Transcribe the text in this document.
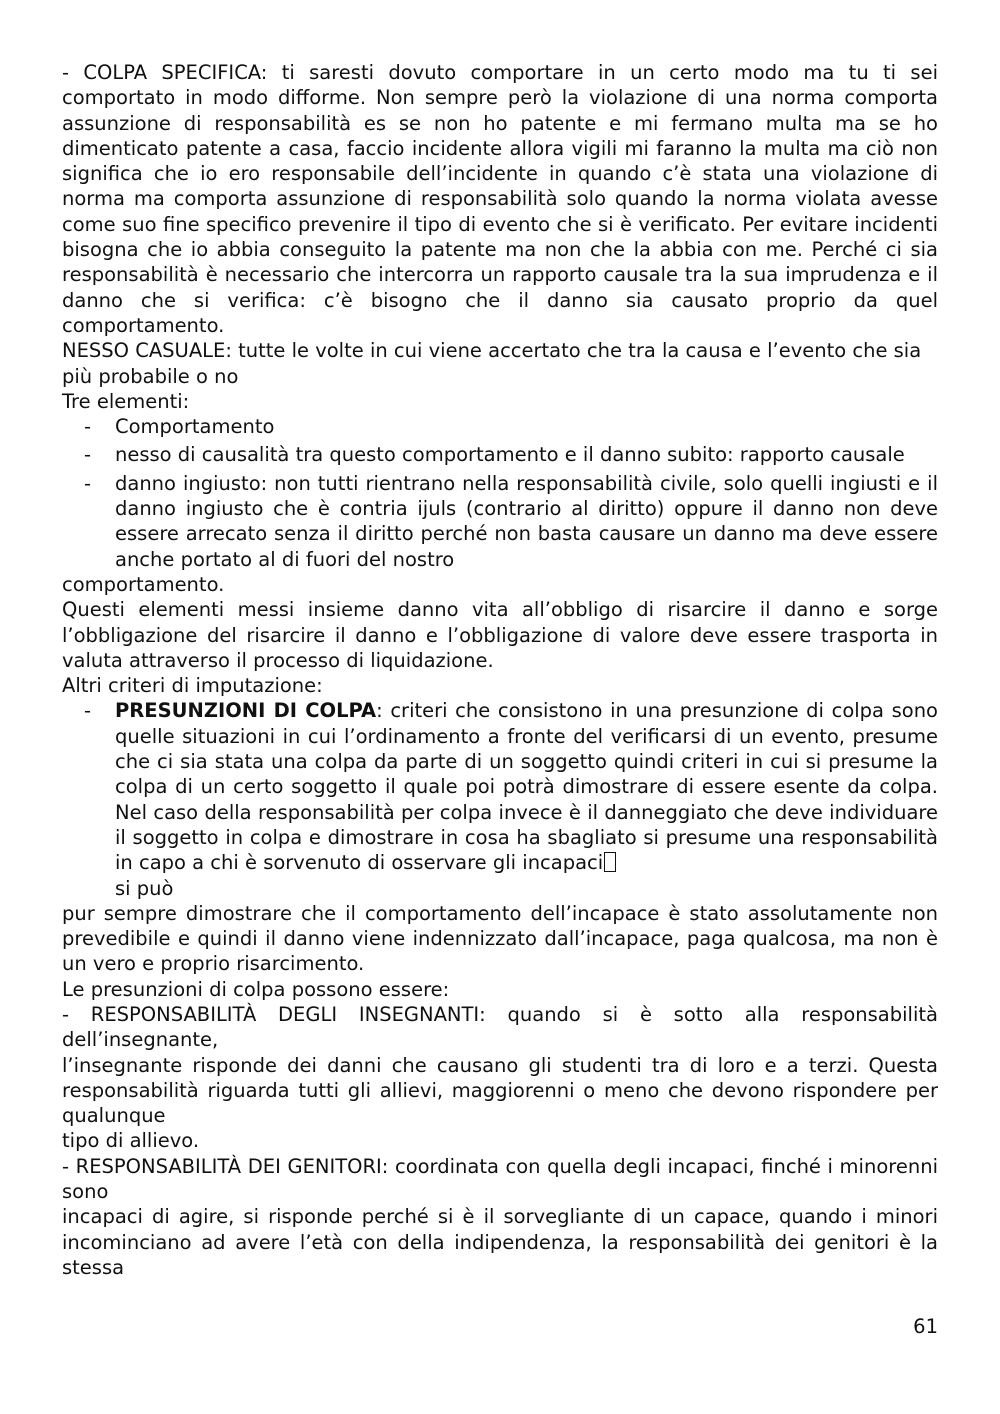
- COLPA SPECIFICA: ti saresti dovuto comportare in un certo modo ma tu ti sei comportato in modo difforme. Non sempre però la violazione di una norma comporta assunzione di responsabilità es se non ho patente e mi fermano multa ma se ho dimenticato patente a casa, faccio incidente allora vigili mi faranno la multa ma ciò non significa che io ero responsabile dell’incidente in quando c’è stata una violazione di norma ma comporta assunzione di responsabilità solo quando la norma violata avesse come suo fine specifico prevenire il tipo di evento che si è verificato. Per evitare incidenti bisogna che io abbia conseguito la patente ma non che la abbia con me. Perché ci sia responsabilità è necessario che intercorra un rapporto causale tra la sua imprudenza e il danno che si verifica: c’è bisogno che il danno sia causato proprio da quel comportamento.

NESSO CASUALE: tutte le volte in cui viene accertato che tra la causa e l’evento che sia più probabile o no

Tre elementi:

- Comportamento
- nesso di causalità tra questo comportamento e il danno subito: rapporto causale
- danno ingiusto: non tutti rientrano nella responsabilità civile, solo quelli ingiusti e il danno ingiusto che è contria ijuls (contrario al diritto) oppure il danno non deve essere arrecato senza il diritto perché non basta causare un danno ma deve essere anche portato al di fuori del nostro

comportamento.

Questi elementi messi insieme danno vita all’obbligo di risarcire il danno e sorge l’obbligazione del risarcire il danno e l’obbligazione di valore deve essere trasporta in valuta attraverso il processo di liquidazione.

Altri criteri di imputazione:

- PRESUNZIONI DI COLPA: criteri che consistono in una presunzione di colpa sono quelle situazioni in cui l’ordinamento a fronte del verificarsi di un evento, presume che ci sia stata una colpa da parte di un soggetto quindi criteri in cui si presume la colpa di un certo soggetto il quale poi potrà dimostrare di essere esente da colpa. Nel caso della responsabilità per colpa invece è il danneggiato che deve individuare il soggetto in colpa e dimostrare in cosa ha sbagliato si presume una responsabilità in capo a chi è sorvenuto di osservare gli incapaci
si può

pur sempre dimostrare che il comportamento dell’incapace è stato assolutamente non prevedibile e quindi il danno viene indennizzato dall’incapace, paga qualcosa, ma non è un vero e proprio risarcimento.

Le presunzioni di colpa possono essere:

- RESPONSABILITÀ DEGLI INSEGNANTI: quando si è sotto alla responsabilità dell’insegnante,

l’insegnante risponde dei danni che causano gli studenti tra di loro e a terzi. Questa responsabilità riguarda tutti gli allievi, maggiorenni o meno che devono rispondere per qualunque

tipo di allievo.

- RESPONSABILITÀ DEI GENITORI: coordinata con quella degli incapaci, finché i minorenni sono

incapaci di agire, si risponde perché si è il sorvegliante di un capace, quando i minori incominciano ad avere l’età con della indipendenza, la responsabilità dei genitori è la stessa

61
